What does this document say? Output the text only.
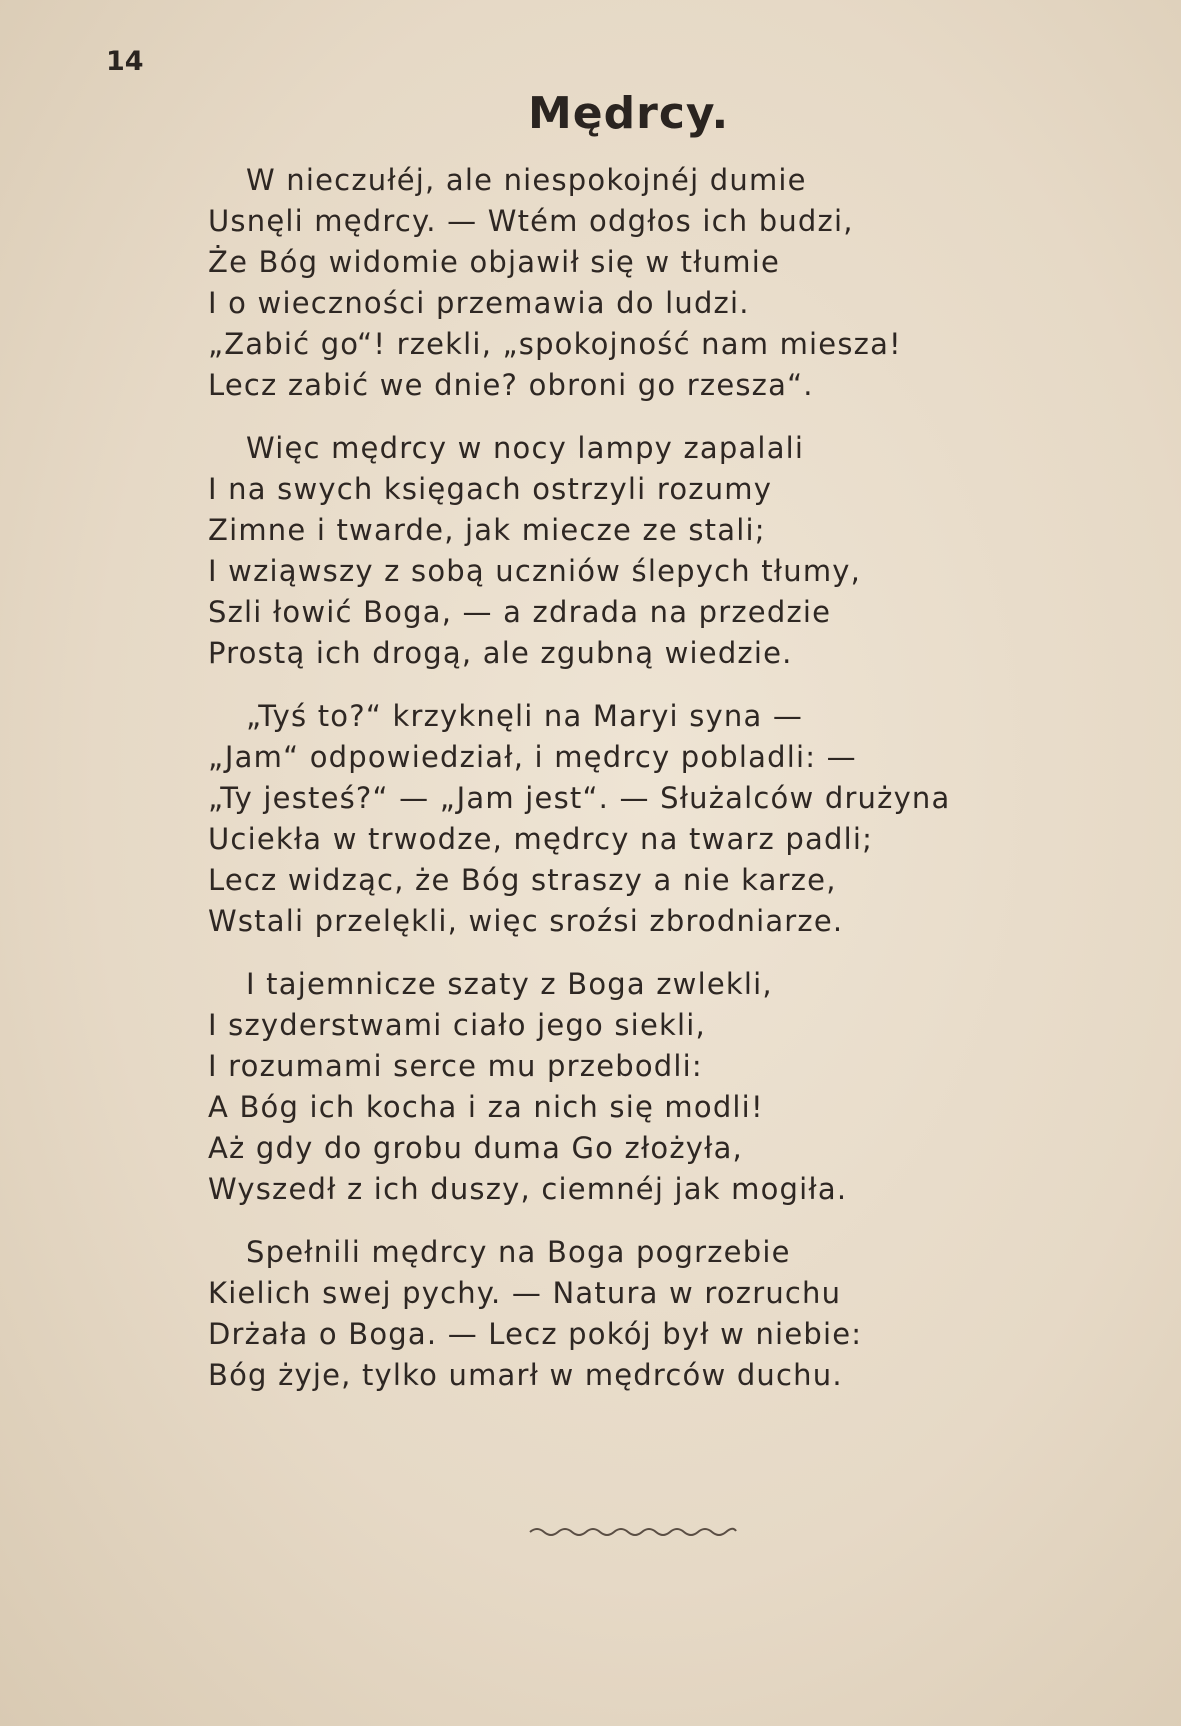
14
Mędrcy.
W nieczułéj, ale niespokojnéj dumie
Usnęli mędrcy. — Wtém odgłos ich budzi,
Że Bóg widomie objawił się w tłumie
I o wieczności przemawia do ludzi.
„Zabić go“! rzekli, „spokojność nam miesza!
Lecz zabić we dnie? obroni go rzesza“.
Więc mędrcy w nocy lampy zapalali
I na swych księgach ostrzyli rozumy
Zimne i twarde, jak miecze ze stali;
I wziąwszy z sobą uczniów ślepych tłumy,
Szli łowić Boga, — a zdrada na przedzie
Prostą ich drogą, ale zgubną wiedzie.
„Tyś to?“ krzyknęli na Maryi syna —
„Jam“ odpowiedział, i mędrcy pobladli: —
„Ty jesteś?“ — „Jam jest“. — Służalców drużyna
Uciekła w trwodze, mędrcy na twarz padli;
Lecz widząc, że Bóg straszy a nie karze,
Wstali przelękli, więc sroźsi zbrodniarze.
I tajemnicze szaty z Boga zwlekli,
I szyderstwami ciało jego siekli,
I rozumami serce mu przebodli:
A Bóg ich kocha i za nich się modli!
Aż gdy do grobu duma Go złożyła,
Wyszedł z ich duszy, ciemnéj jak mogiła.
Spełnili mędrcy na Boga pogrzebie
Kielich swej pychy. — Natura w rozruchu
Drżała o Boga. — Lecz pokój był w niebie:
Bóg żyje, tylko umarł w mędrców duchu.
